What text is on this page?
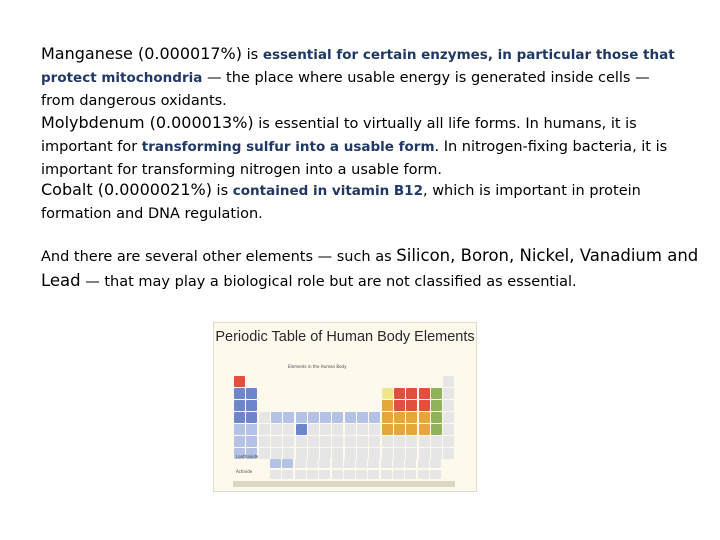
Manganese (0.000017%) is essential for certain enzymes, in particular those that protect mitochondria — the place where usable energy is generated inside cells — from dangerous oxidants.

Molybdenum (0.000013%) is essential to virtually all life forms. In humans, it is important for transforming sulfur into a usable form. In nitrogen-fixing bacteria, it is important for transforming nitrogen into a usable form.

Cobalt (0.0000021%) is contained in vitamin B12, which is important in protein formation and DNA regulation.

And there are several other elements — such as Silicon, Boron, Nickel, Vanadium and Lead — that may play a biological role but are not classified as essential.

Periodic Table of Human Body Elements
Elements in the Human Body
Lanthanide
Actinide
